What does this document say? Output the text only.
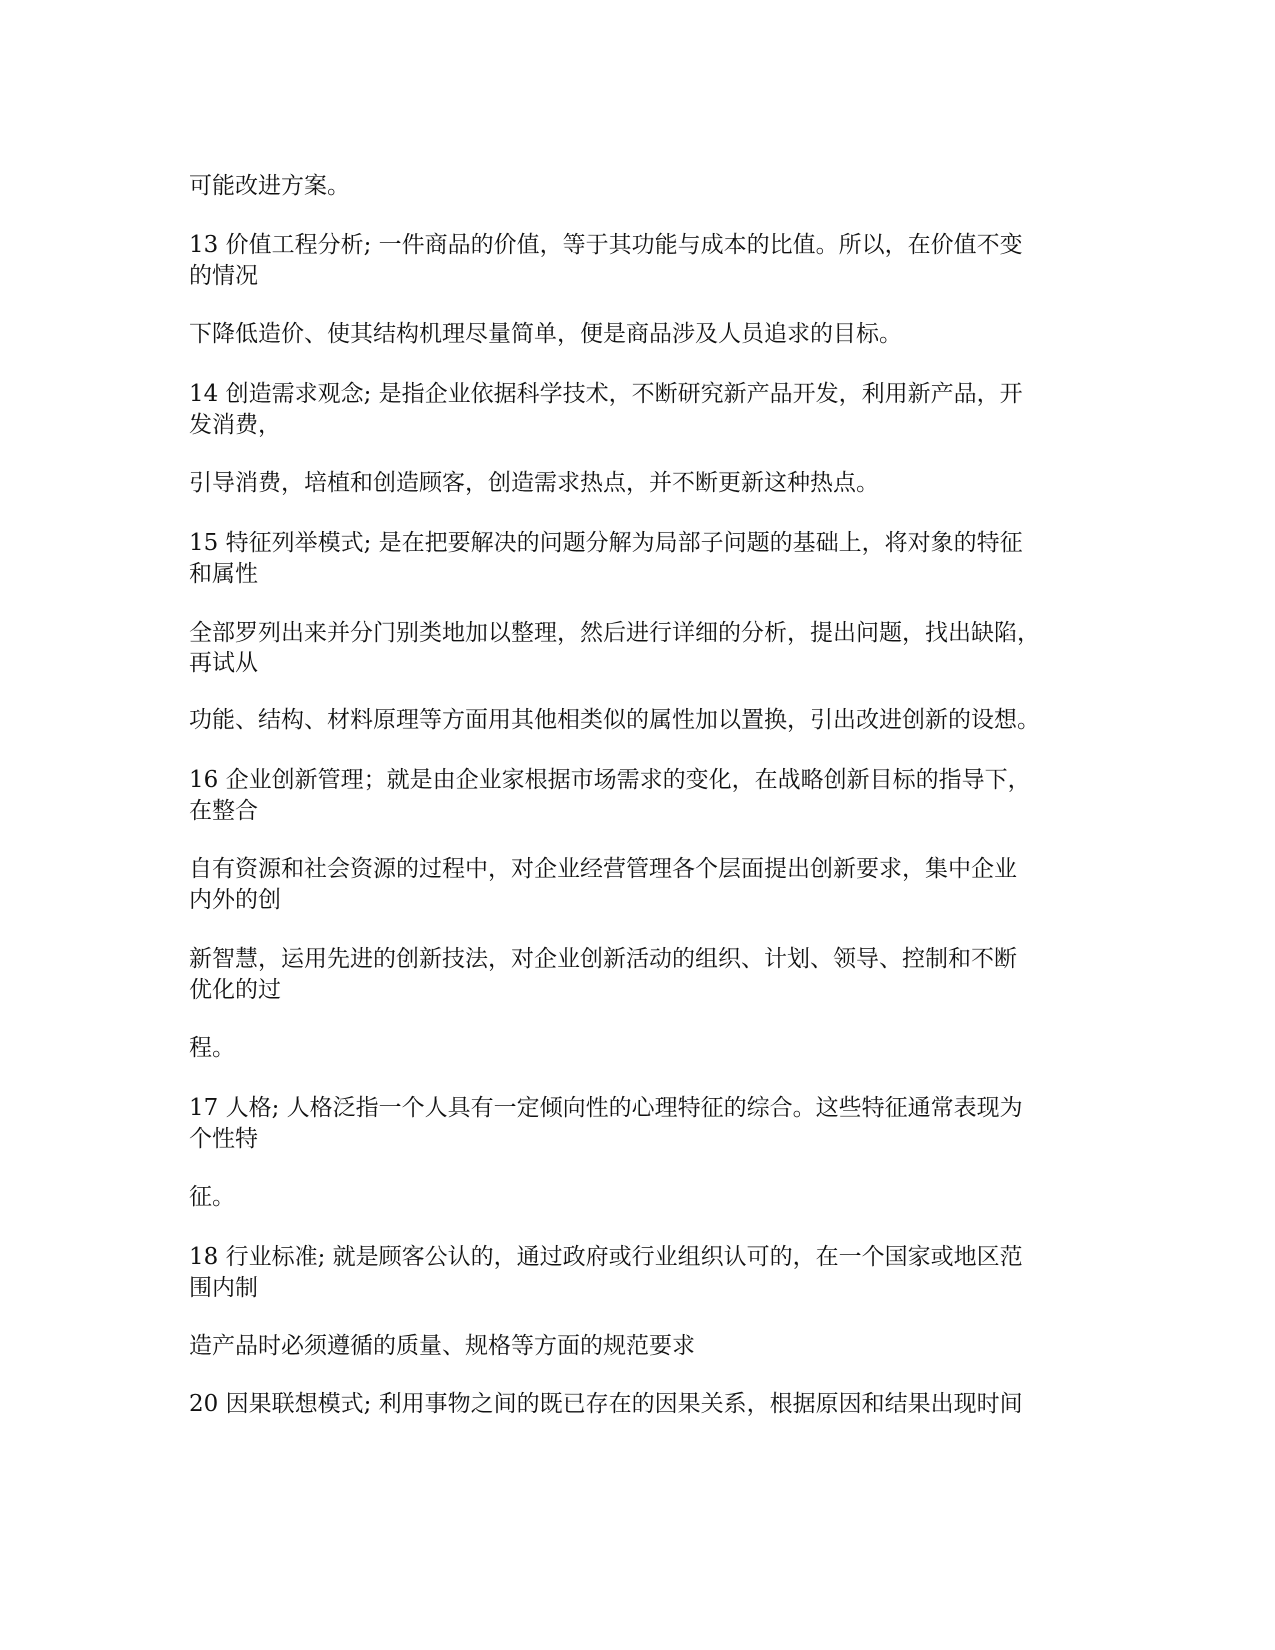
可能改进方案。
13 价值工程分析; 一件商品的价值，等于其功能与成本的比值。所以，在价值不变
的情况
下降低造价、使其结构机理尽量简单，便是商品涉及人员追求的目标。
14 创造需求观念; 是指企业依据科学技术，不断研究新产品开发，利用新产品，开
发消费，
引导消费，培植和创造顾客，创造需求热点，并不断更新这种热点。
15 特征列举模式; 是在把要解决的问题分解为局部子问题的基础上，将对象的特征
和属性
全部罗列出来并分门别类地加以整理，然后进行详细的分析，提出问题，找出缺陷，
再试从
功能、结构、材料原理等方面用其他相类似的属性加以置换，引出改进创新的设想。
16 企业创新管理；就是由企业家根据市场需求的变化，在战略创新目标的指导下，
在整合
自有资源和社会资源的过程中，对企业经营管理各个层面提出创新要求，集中企业
内外的创
新智慧，运用先进的创新技法，对企业创新活动的组织、计划、领导、控制和不断
优化的过
程。
17 人格; 人格泛指一个人具有一定倾向性的心理特征的综合。这些特征通常表现为
个性特
征。
18 行业标准; 就是顾客公认的，通过政府或行业组织认可的，在一个国家或地区范
围内制
造产品时必须遵循的质量、规格等方面的规范要求
20 因果联想模式; 利用事物之间的既已存在的因果关系，根据原因和结果出现时间
